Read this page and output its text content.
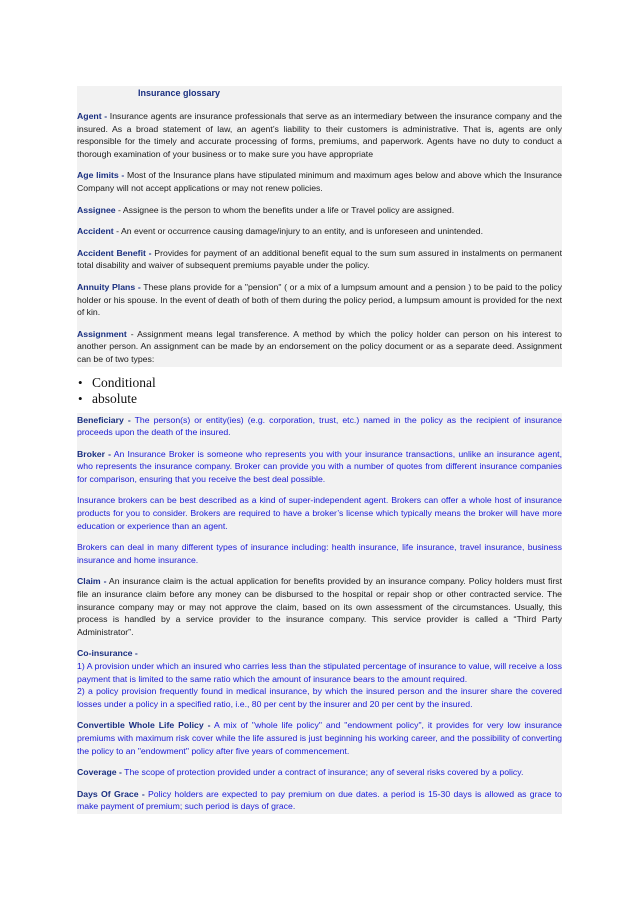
Insurance glossary

Agent - Insurance agents are insurance professionals that serve as an intermediary between the insurance company and the insured. As a broad statement of law, an agent’s liability to their customers is administrative. That is, agents are only responsible for the timely and accurate processing of forms, premiums, and paperwork. Agents have no duty to conduct a thorough examination of your business or to make sure you have appropriate

Age limits - Most of the Insurance plans have stipulated minimum and maximum ages below and above which the Insurance Company will not accept applications or may not renew policies.

Assignee - Assignee is the person to whom the benefits under a life or Travel policy are assigned.

Accident - An event or occurrence causing damage/injury to an entity, and is unforeseen and unintended.

Accident Benefit - Provides for payment of an additional benefit equal to the sum sum assured in instalments on permanent total disability and waiver of subsequent premiums payable under the policy.

Annuity Plans - These plans provide for a "pension" ( or a mix of a lumpsum amount and a pension ) to be paid to the policy holder or his spouse. In the event of death of both of them during the policy period, a lumpsum amount is provided for the next of kin.

Assignment - Assignment means legal transference. A method by which the policy holder can person on his interest to another person. An assignment can be made by an endorsement on the policy document or as a separate deed. Assignment can be of two types:

• Conditional
• absolute

Beneficiary - The person(s) or entity(ies) (e.g. corporation, trust, etc.) named in the policy as the recipient of insurance proceeds upon the death of the insured.

Broker - An Insurance Broker is someone who represents you with your insurance transactions, unlike an insurance agent, who represents the insurance company. Broker can provide you with a number of quotes from different insurance companies for comparison, ensuring that you receive the best deal possible.

Insurance brokers can be best described as a kind of super-independent agent. Brokers can offer a whole host of insurance products for you to consider. Brokers are required to have a broker’s license which typically means the broker will have more education or experience than an agent.

Brokers can deal in many different types of insurance including: health insurance, life insurance, travel insurance, business insurance and home insurance.

Claim - An insurance claim is the actual application for benefits provided by an insurance company. Policy holders must first file an insurance claim before any money can be disbursed to the hospital or repair shop or other contracted service. The insurance company may or may not approve the claim, based on its own assessment of the circumstances. Usually, this process is handled by a service provider to the insurance company. This service provider is called a “Third Party Administrator”.

Co-insurance -

1) A provision under which an insured who carries less than the stipulated percentage of insurance to value, will receive a loss payment that is limited to the same ratio which the amount of insurance bears to the amount required.

2) a policy provision frequently found in medical insurance, by which the insured person and the insurer share the covered losses under a policy in a specified ratio, i.e., 80 per cent by the insurer and 20 per cent by the insured.

Convertible Whole Life Policy - A mix of "whole life policy" and "endowment policy", it provides for very low insurance premiums with maximum risk cover while the life assured is just beginning his working career, and the possibility of converting the policy to an "endowment" policy after five years of commencement.

Coverage - The scope of protection provided under a contract of insurance; any of several risks covered by a policy.

Days Of Grace - Policy holders are expected to pay premium on due dates. a period is 15-30 days is allowed as grace to make payment of premium; such period is days of grace.
